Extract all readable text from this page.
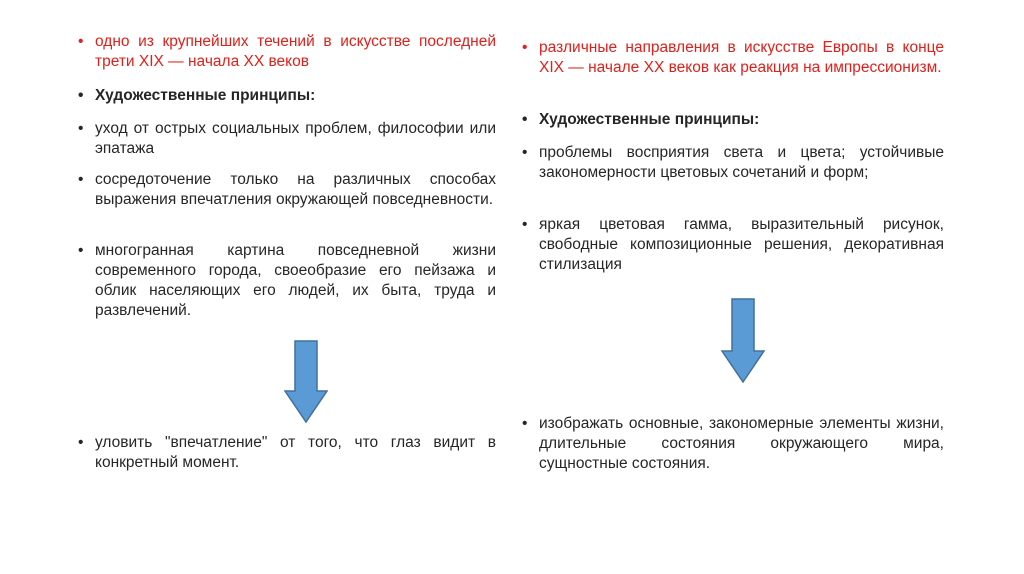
• одно из крупнейших течений в искусстве последней трети XIX — начала XX веков
• Художественные принципы:
• уход от острых социальных проблем, философии или эпатажа
• сосредоточение только на различных способах выражения впечатления окружающей повседневности.
• многогранная картина повседневной жизни современного города, своеобразие его пейзажа и облик населяющих его людей, их быта, труда и развлечений.
• уловить "впечатление" от того, что глаз видит в конкретный момент.
• различные направления в искусстве Европы в конце XIX — начале XX веков как реакция на импрессионизм.
• Художественные принципы:
• проблемы восприятия света и цвета; устойчивые закономерности цветовых сочетаний и форм;
• яркая цветовая гамма, выразительный рисунок, свободные композиционные решения, декоративная стилизация
• изображать основные, закономерные элементы жизни, длительные состояния окружающего мира, сущностные состояния.
